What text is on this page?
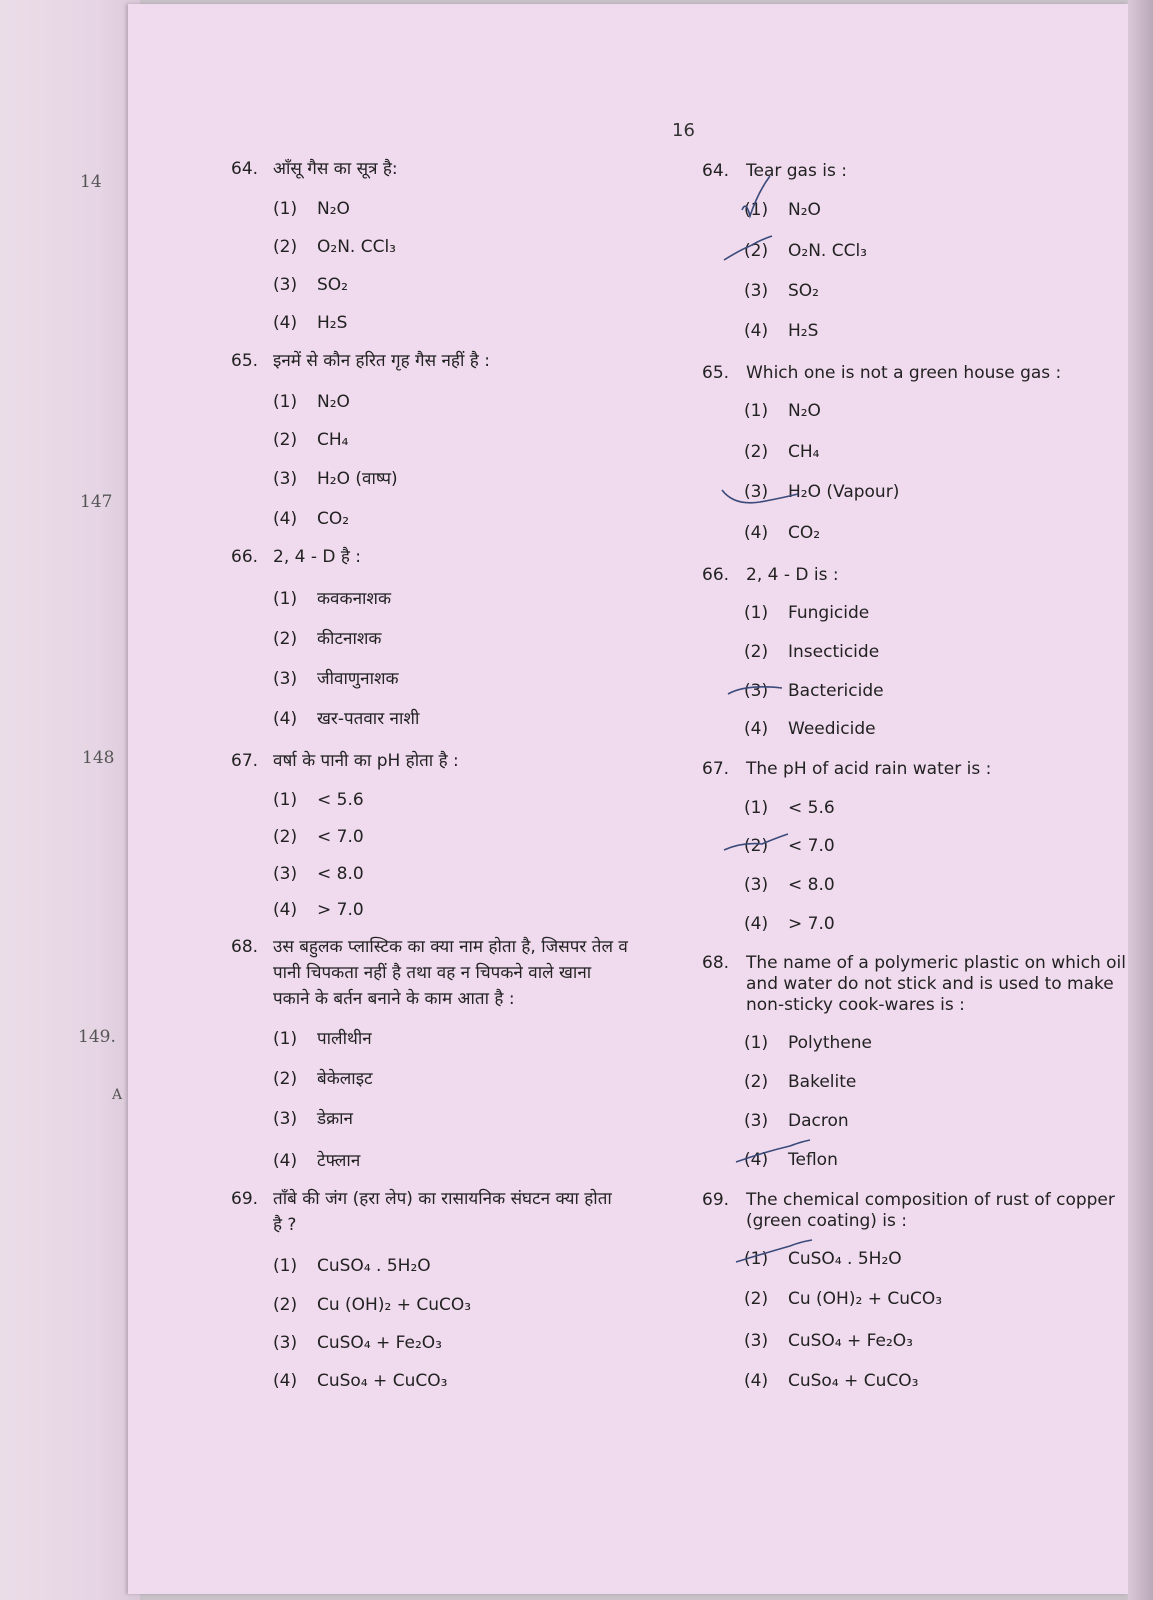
14
147
148
149.
A
16
64. आँसू गैस का सूत्र है:
(1) N₂O
(2) O₂N. CCl₃
(3) SO₂
(4) H₂S
65. इनमें से कौन हरित गृह गैस नहीं है :
(1) N₂O
(2) CH₄
(3) H₂O (वाष्प)
(4) CO₂
66. 2, 4 - D है :
(1) कवकनाशक
(2) कीटनाशक
(3) जीवाणुनाशक
(4) खर-पतवार नाशी
67. वर्षा के पानी का pH होता है :
(1) < 5.6
(2) < 7.0
(3) < 8.0
(4) > 7.0
68. उस बहुलक प्लास्टिक का क्या नाम होता है, जिसपर तेल व
पानी चिपकता नहीं है तथा वह न चिपकने वाले खाना
पकाने के बर्तन बनाने के काम आता है :
(1) पालीथीन
(2) बेकेलाइट
(3) डेक्रान
(4) टेफ्लान
69. ताँबे की जंग (हरा लेप) का रासायनिक संघटन क्या होता
है ?
(1) CuSO₄ . 5H₂O
(2) Cu (OH)₂ + CuCO₃
(3) CuSO₄ + Fe₂O₃
(4) CuSo₄ + CuCO₃
64. Tear gas is :
(1) N₂O
(2) O₂N. CCl₃
(3) SO₂
(4) H₂S
65. Which one is not a green house gas :
(1) N₂O
(2) CH₄
(3) H₂O (Vapour)
(4) CO₂
66. 2, 4 - D is :
(1) Fungicide
(2) Insecticide
(3) Bactericide
(4) Weedicide
67. The pH of acid rain water is :
(1) < 5.6
(2) < 7.0
(3) < 8.0
(4) > 7.0
68. The name of a polymeric plastic on which oil
and water do not stick and is used to make
non-sticky cook-wares is :
(1) Polythene
(2) Bakelite
(3) Dacron
(4) Teflon
69. The chemical composition of rust of copper
(green coating) is :
(1) CuSO₄ . 5H₂O
(2) Cu (OH)₂ + CuCO₃
(3) CuSO₄ + Fe₂O₃
(4) CuSo₄ + CuCO₃
